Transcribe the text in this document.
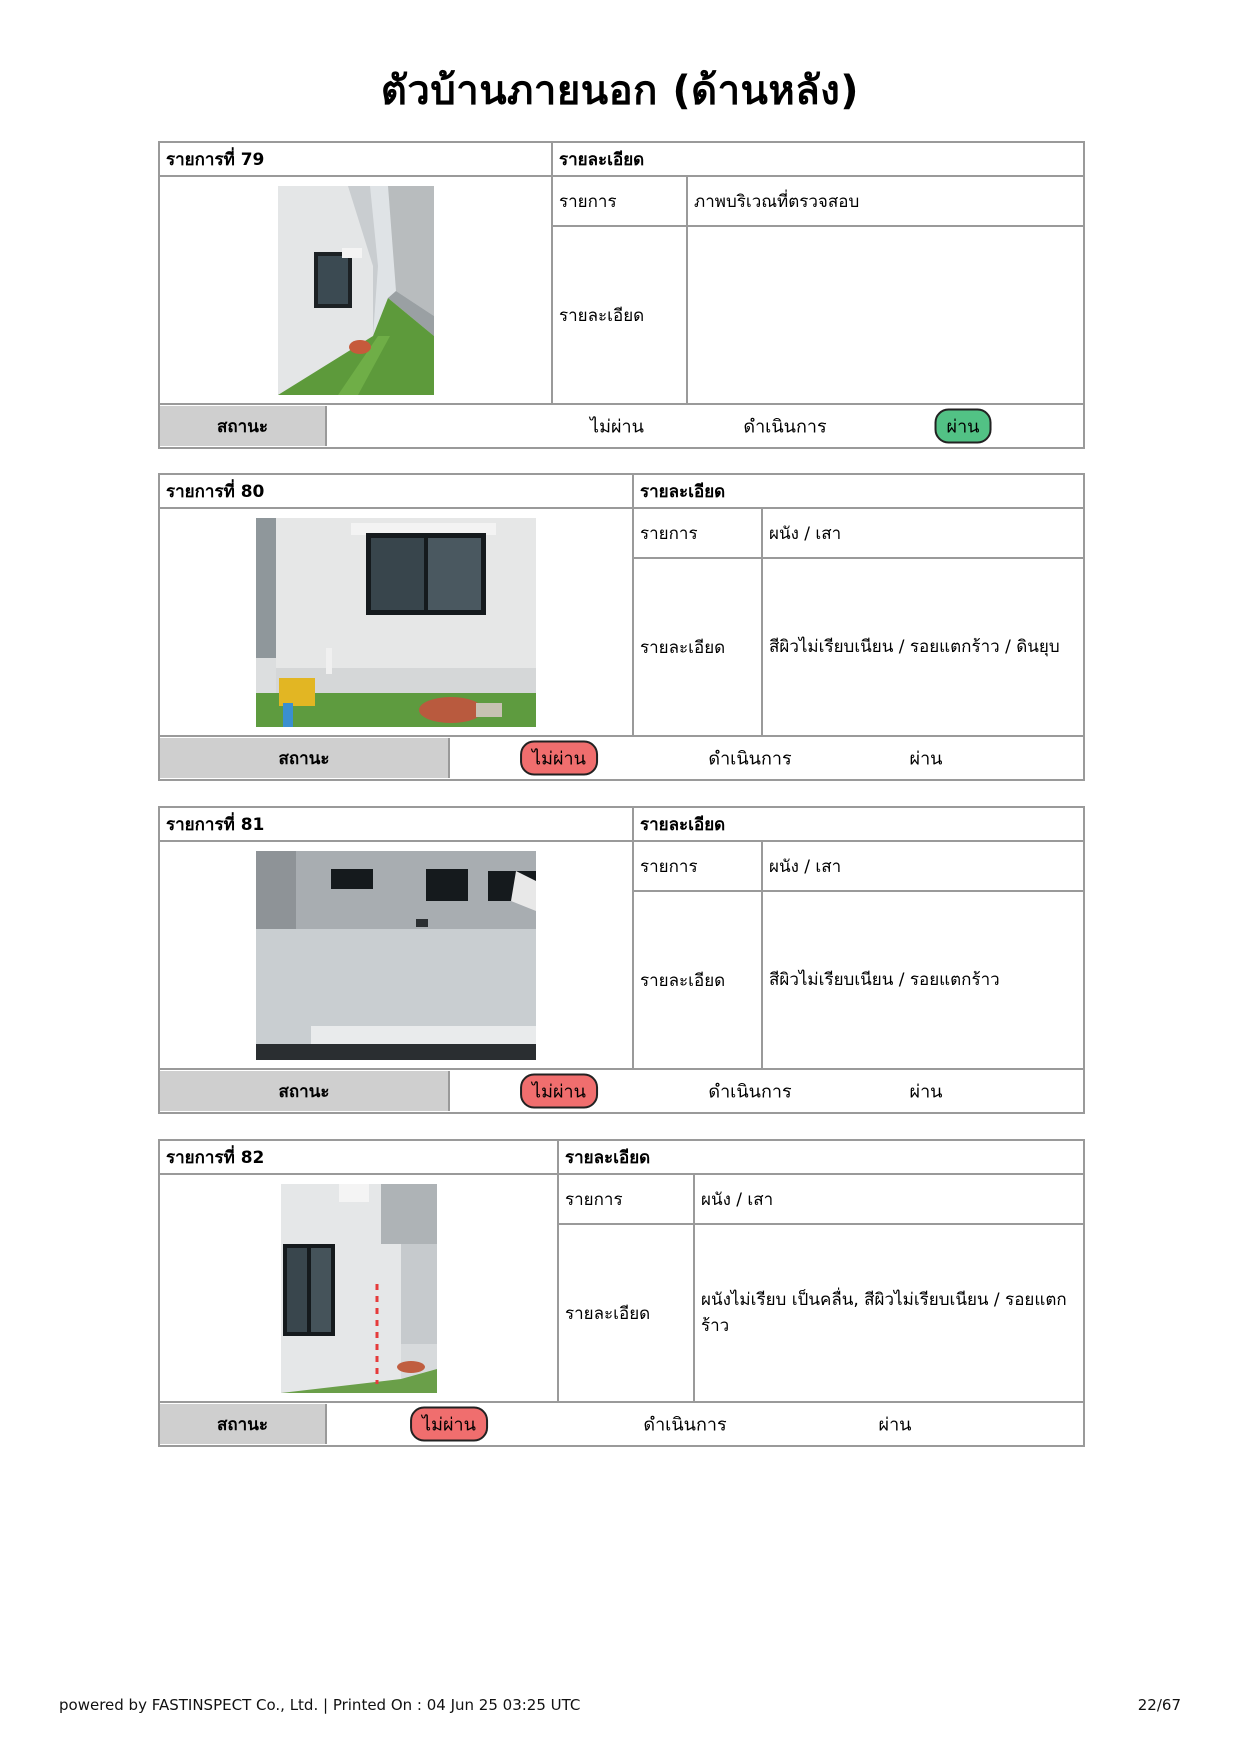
ตัวบ้านภายนอก (ด้านหลัง)
รายการที่ 79	รายละเอียด	
	รายการ	ภาพบริเวณที่ตรวจสอบ
	รายละเอียด	

สถานะ ไม่ผ่าน ดำเนินการ ผ่าน		
รายการที่ 80	รายละเอียด	
	รายการ	ผนัง / เสา
	รายละเอียด	สีผิวไม่เรียบเนียน / รอยแตกร้าว / ดินยุบ

สถานะ ไม่ผ่าน ดำเนินการ ผ่าน		
รายการที่ 81	รายละเอียด	
	รายการ	ผนัง / เสา
	รายละเอียด	สีผิวไม่เรียบเนียน / รอยแตกร้าว

สถานะ ไม่ผ่าน ดำเนินการ ผ่าน		
รายการที่ 82	รายละเอียด	
	รายการ	ผนัง / เสา
	รายละเอียด	ผนังไม่เรียบ เป็นคลื่น, สีผิวไม่เรียบเนียน / รอยแตกร้าว

สถานะ ไม่ผ่าน ดำเนินการ ผ่าน		
powered by FASTINSPECT Co., Ltd. | Printed On : 04 Jun 25 03:25 UTC	22/67
